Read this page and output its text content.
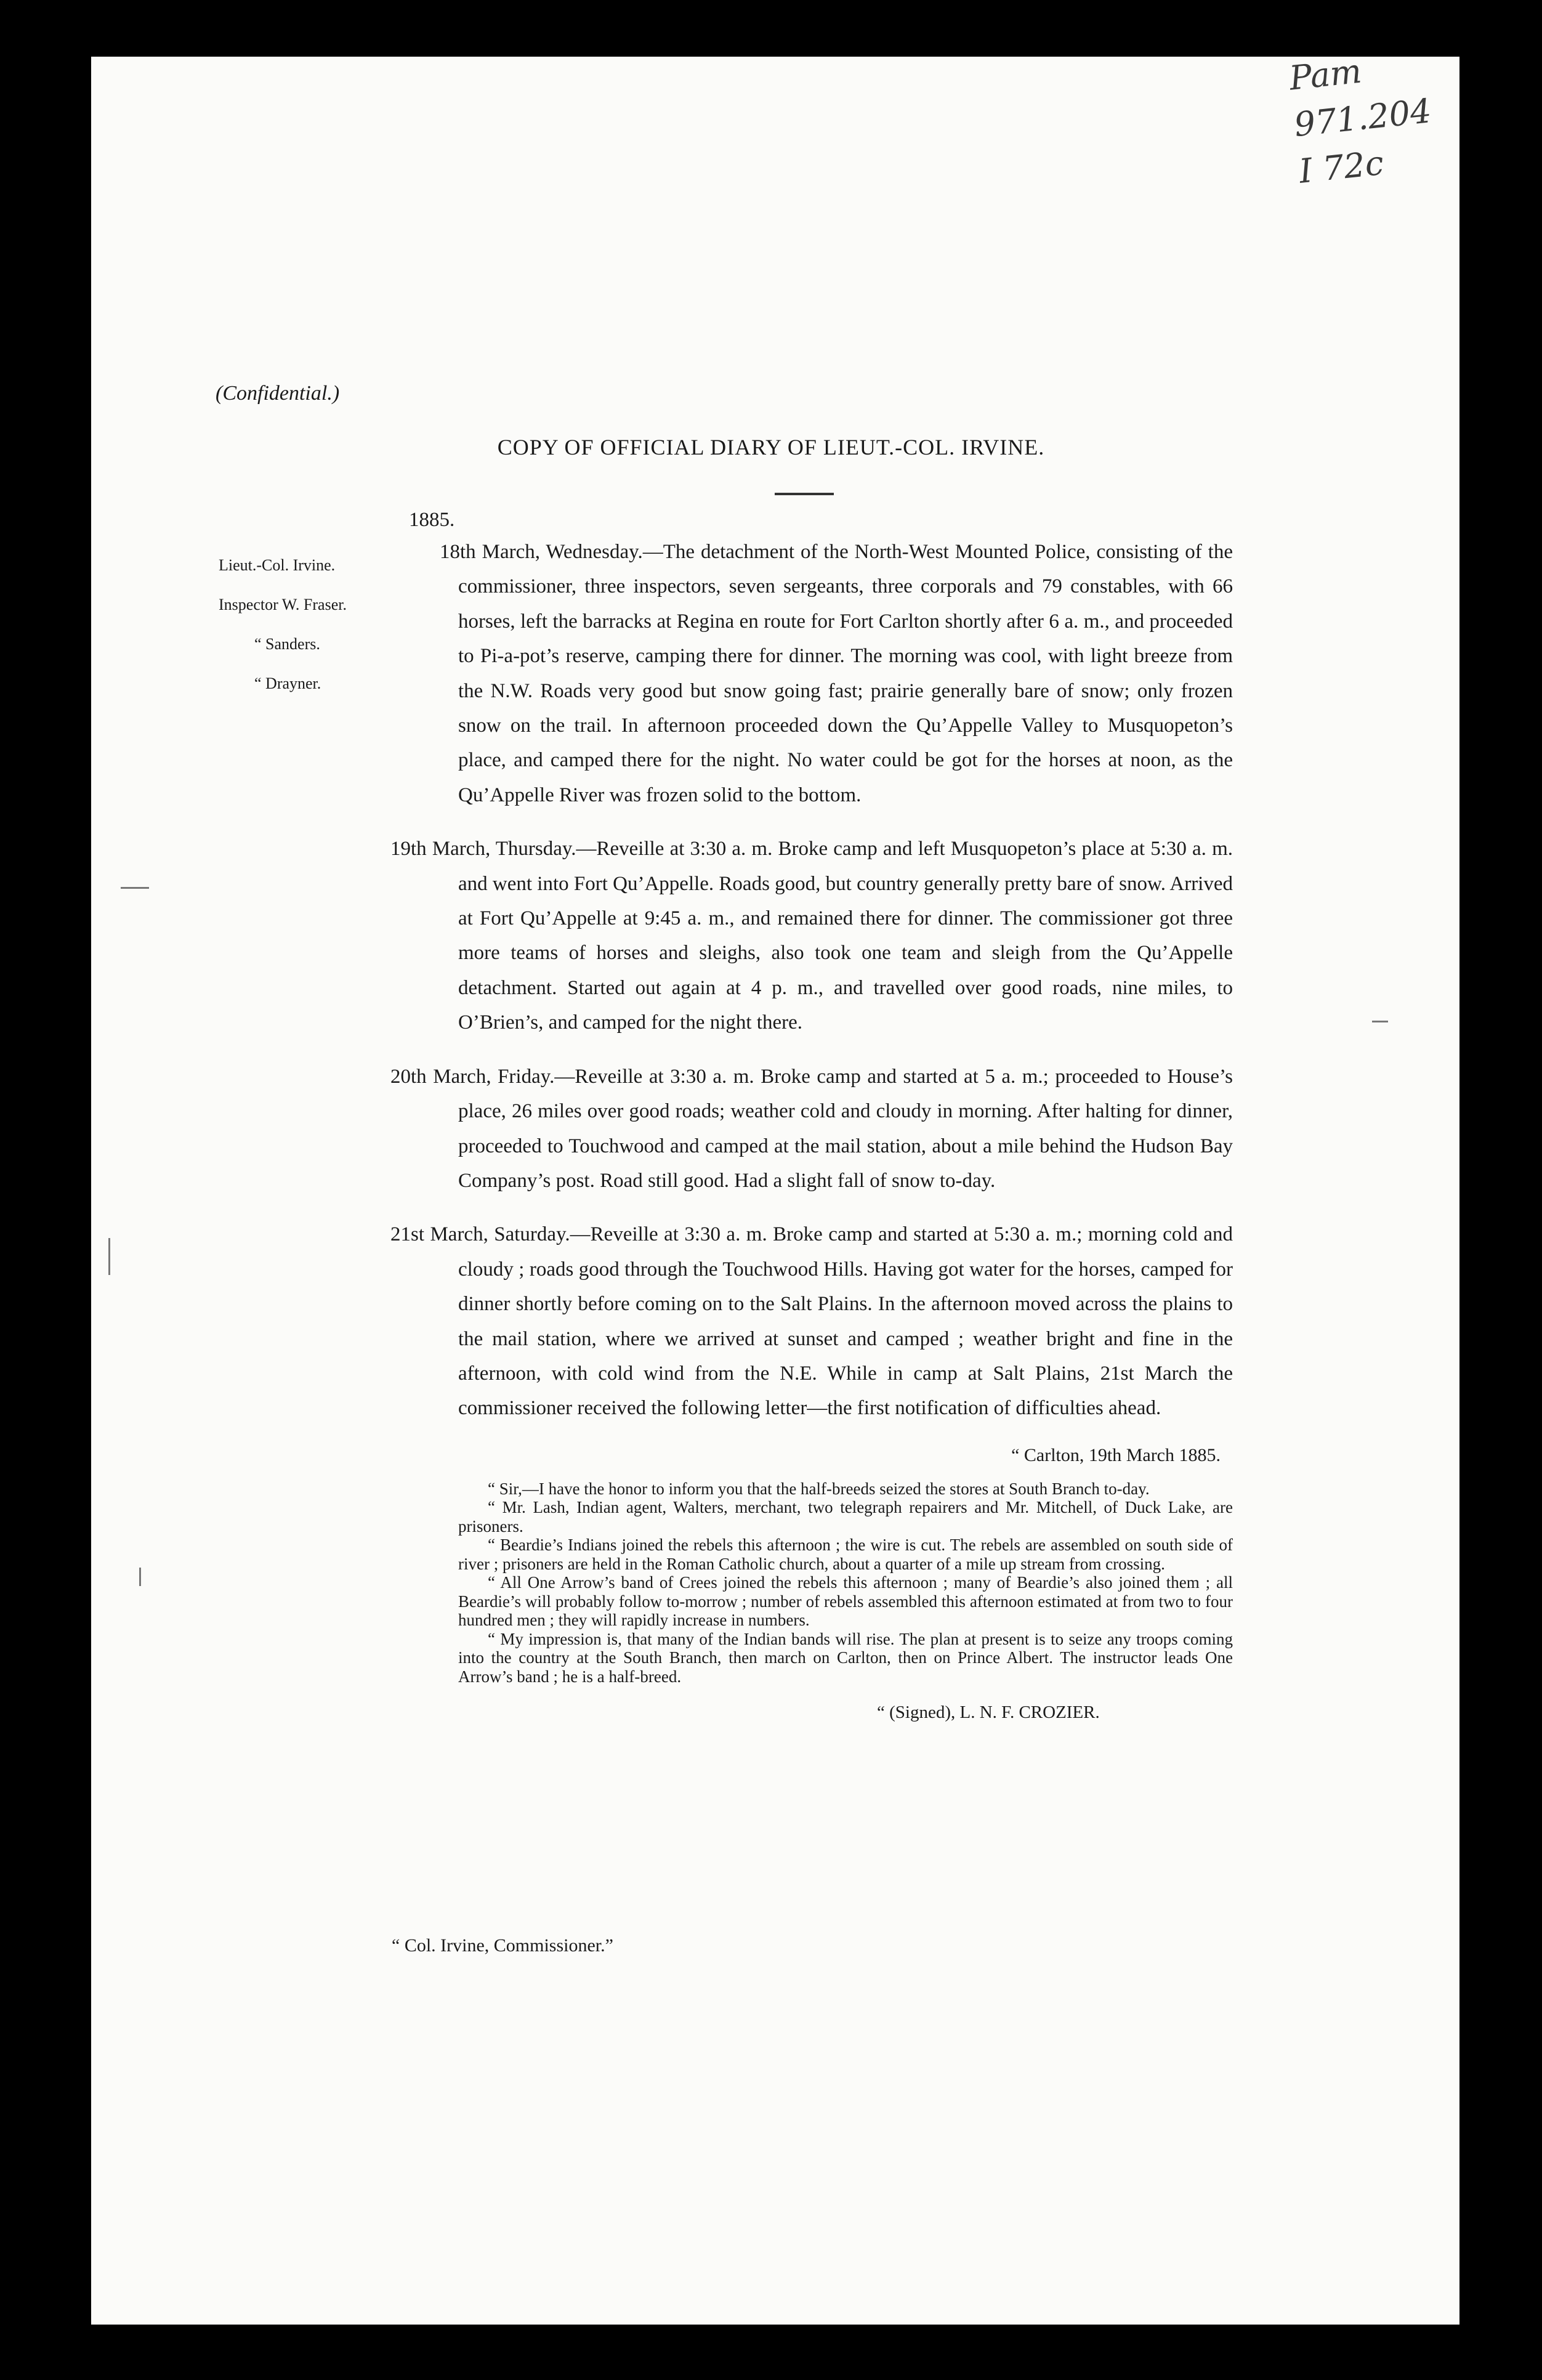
Pam
971.204
I 72c
(Confidential.)
COPY OF OFFICIAL DIARY OF LIEUT.-COL. IRVINE.
1885.
Lieut.-Col. Irvine.
Inspector W. Fraser.
“ Sanders.
“ Drayner.

18th March, Wednesday.—The detachment of the North-West Mounted Police, consisting of the commissioner, three inspectors, seven sergeants, three corporals and 79 constables, with 66 horses, left the barracks at Regina en route for Fort Carlton shortly after 6 a. m., and proceeded to Pi-a-pot’s reserve, camping there for dinner. The morning was cool, with light breeze from the N.W. Roads very good but snow going fast; prairie generally bare of snow; only frozen snow on the trail. In afternoon proceeded down the Qu’Appelle Valley to Musquopeton’s place, and camped there for the night. No water could be got for the horses at noon, as the Qu’Appelle River was frozen solid to the bottom.

19th March, Thursday.—Reveille at 3:30 a. m. Broke camp and left Musquopeton’s place at 5:30 a. m. and went into Fort Qu’Appelle. Roads good, but country generally pretty bare of snow. Arrived at Fort Qu’Appelle at 9:45 a. m., and remained there for dinner. The commissioner got three more teams of horses and sleighs, also took one team and sleigh from the Qu’Appelle detachment. Started out again at 4 p. m., and travelled over good roads, nine miles, to O’Brien’s, and camped for the night there.

20th March, Friday.—Reveille at 3:30 a. m. Broke camp and started at 5 a. m.; proceeded to House’s place, 26 miles over good roads; weather cold and cloudy in morning. After halting for dinner, proceeded to Touchwood and camped at the mail station, about a mile behind the Hudson Bay Company’s post. Road still good. Had a slight fall of snow to-day.

21st March, Saturday.—Reveille at 3:30 a. m. Broke camp and started at 5:30 a. m.; morning cold and cloudy ; roads good through the Touchwood Hills. Having got water for the horses, camped for dinner shortly before coming on to the Salt Plains. In the afternoon moved across the plains to the mail station, where we arrived at sunset and camped ; weather bright and fine in the afternoon, with cold wind from the N.E. While in camp at Salt Plains, 21st March the commissioner received the following letter—the first notification of difficulties ahead.

“ Carlton, 19th March 1885.

“ Sir,—I have the honor to inform you that the half-breeds seized the stores at South Branch to-day.

“ Mr. Lash, Indian agent, Walters, merchant, two telegraph repairers and Mr. Mitchell, of Duck Lake, are prisoners.

“ Beardie’s Indians joined the rebels this afternoon ; the wire is cut. The rebels are assembled on south side of river ; prisoners are held in the Roman Catholic church, about a quarter of a mile up stream from crossing.

“ All One Arrow’s band of Crees joined the rebels this afternoon ; many of Beardie’s also joined them ; all Beardie’s will probably follow to-morrow ; number of rebels assembled this afternoon estimated at from two to four hundred men ; they will rapidly increase in numbers.

“ My impression is, that many of the Indian bands will rise. The plan at present is to seize any troops coming into the country at the South Branch, then march on Carlton, then on Prince Albert. The instructor leads One Arrow’s band ; he is a half-breed.

“ (Signed), L. N. F. CROZIER.
“ Col. Irvine, Commissioner.”
